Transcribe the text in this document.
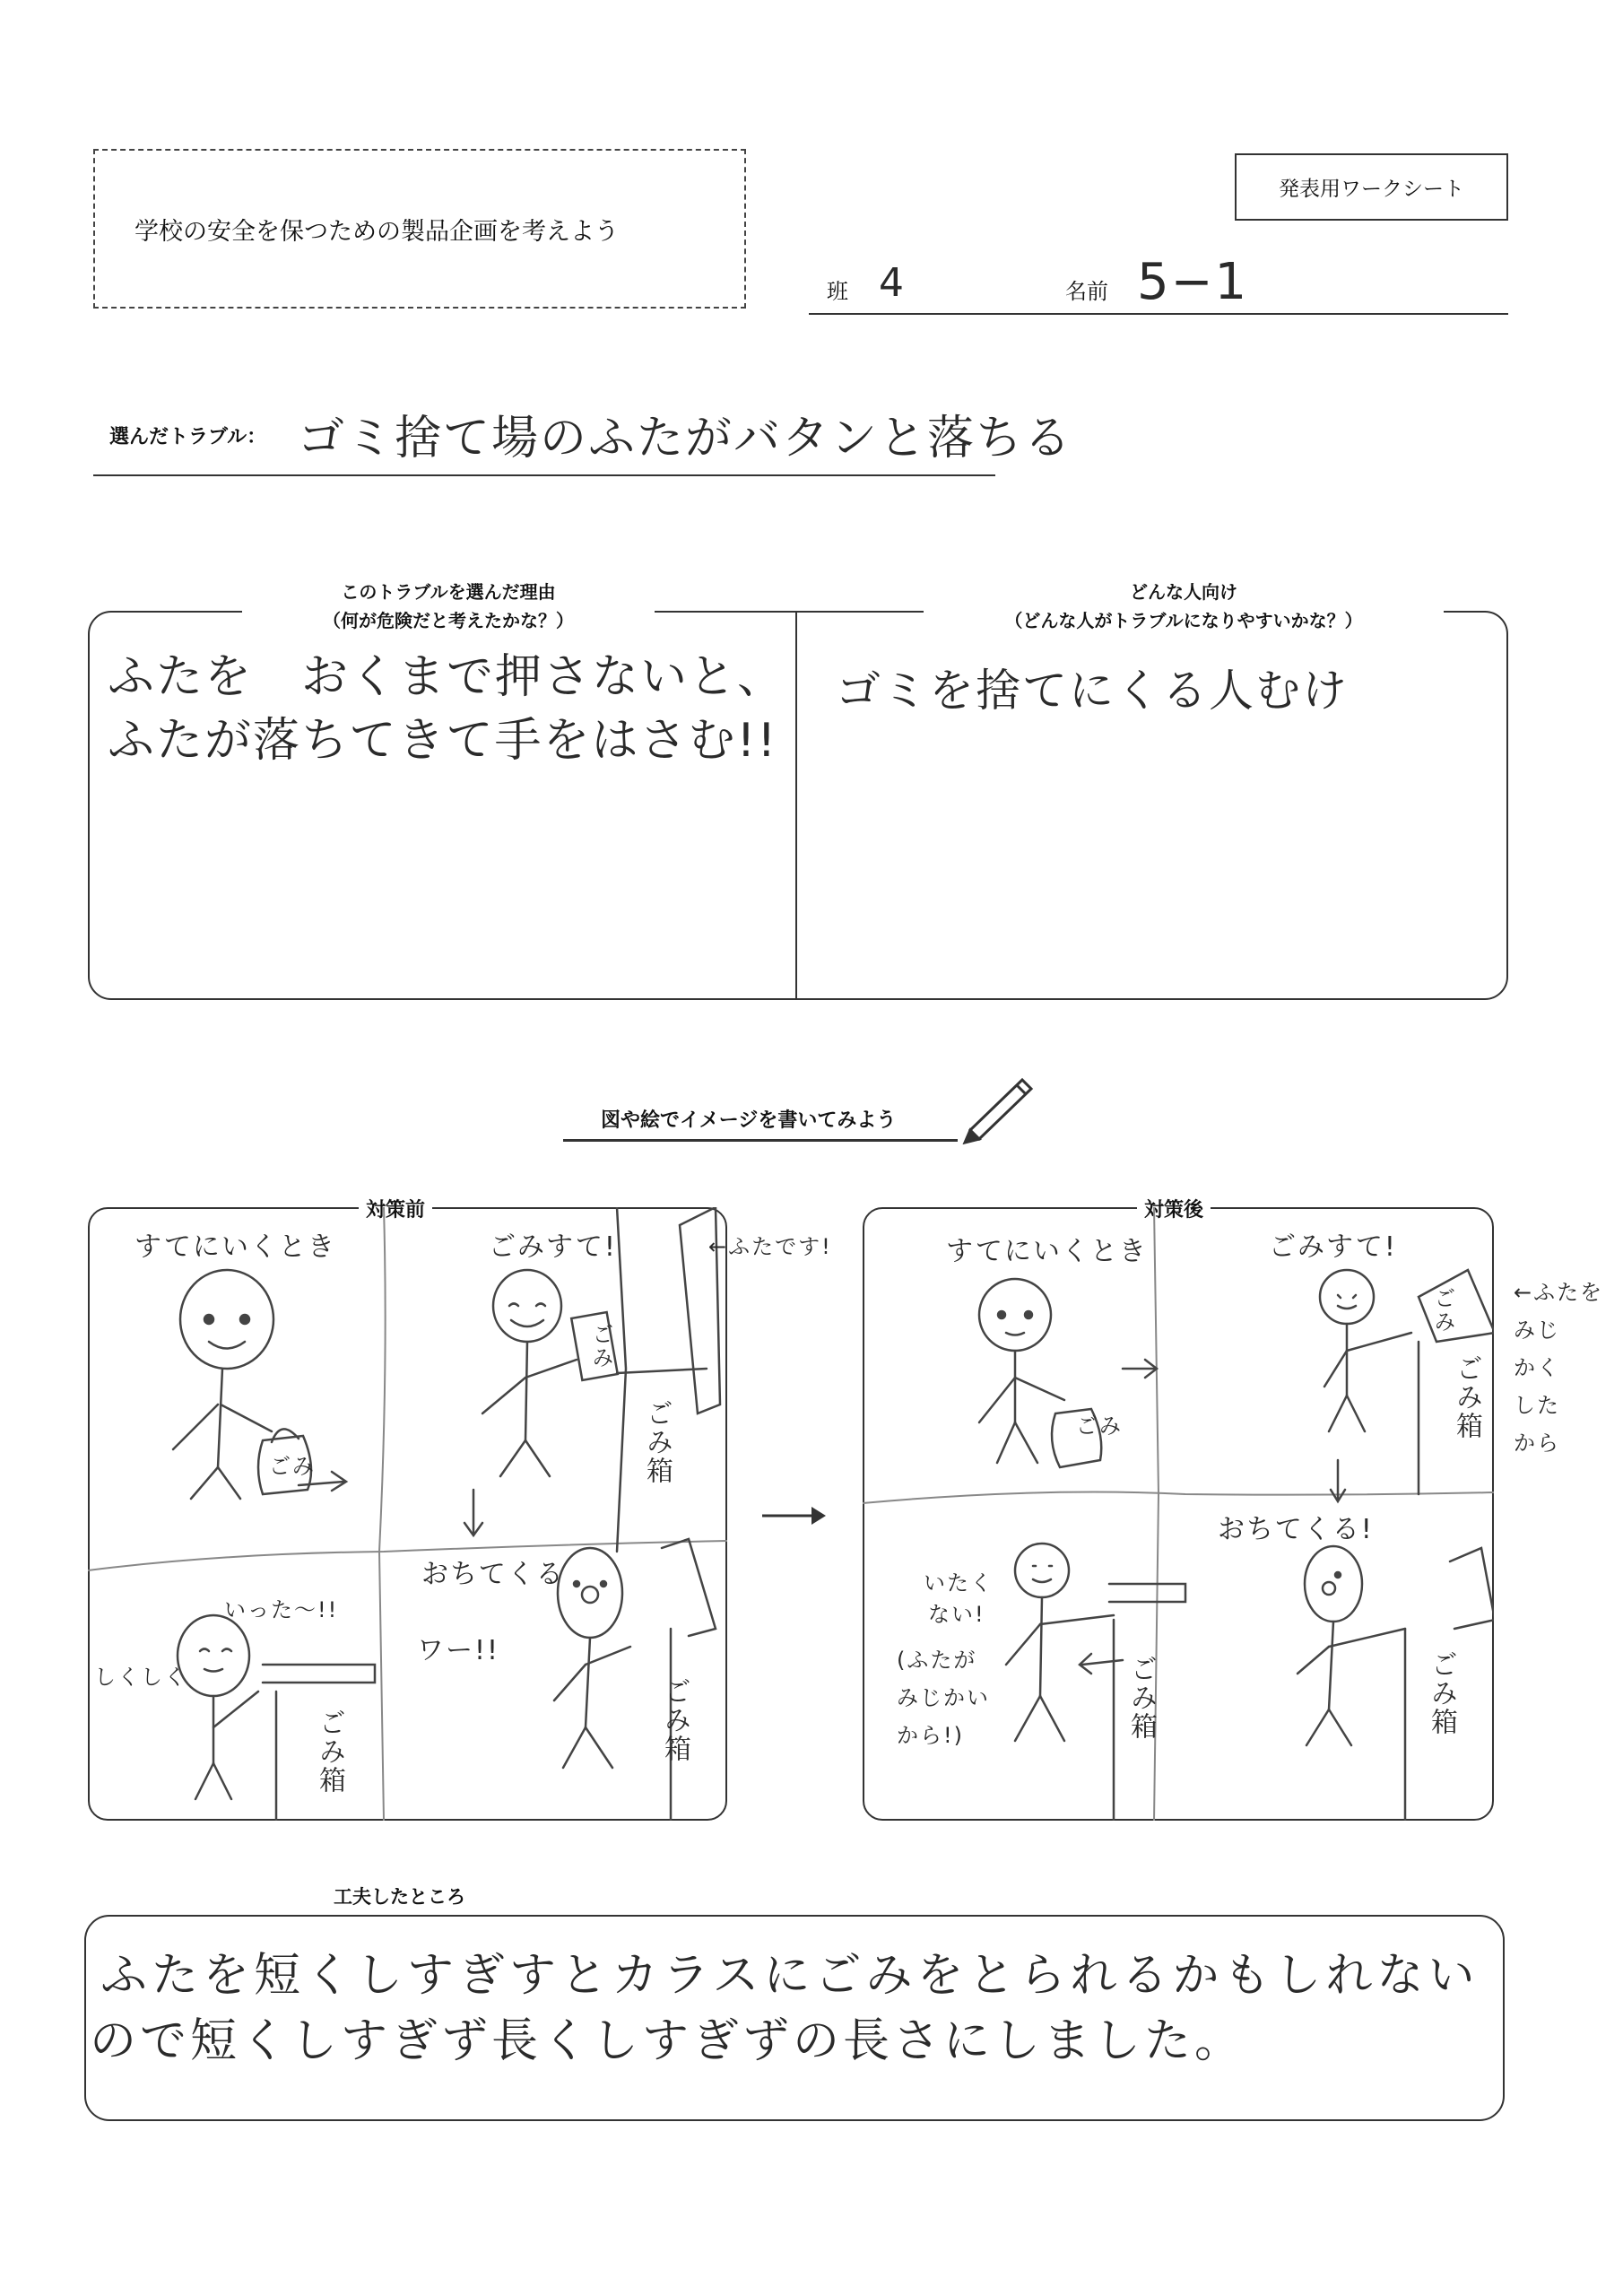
学校の安全を保つための製品企画を考えよう
発表用ワークシート
班 4	名前 5−1
選んだトラブル： ゴミ捨て場のふたがバタンと落ちる
このトラブルを選んだ理由
（何が危険だと考えたかな？）
どんな人向け
（どんな人がトラブルになりやすいかな？）
ふたを　おくまで押さないと、
ふたが落ちてきて手をはさむ!!
ゴミを捨てにくる人むけ
図や絵でイメージを書いてみよう
対策前
すてにいくとき
ごみ
ごみすて!	←ふたです!
ごみ
ごみ箱
いった〜!!
しくしく
ごみ箱
おちてくる
ワー!!
ごみ箱
対策後
すてにいくとき
ごみ
ごみすて!
ごみ
ごみ箱
←ふたを
みじ
かく
した
から
おちてくる!
ごみ箱
いたく
ない!
(ふたが
みじかい
から!)	ごみ箱
工夫したところ
ふたを短くしすぎすとカラスにごみをとられるかもしれない
ので短くしすぎず長くしすぎずの長さにしました。
